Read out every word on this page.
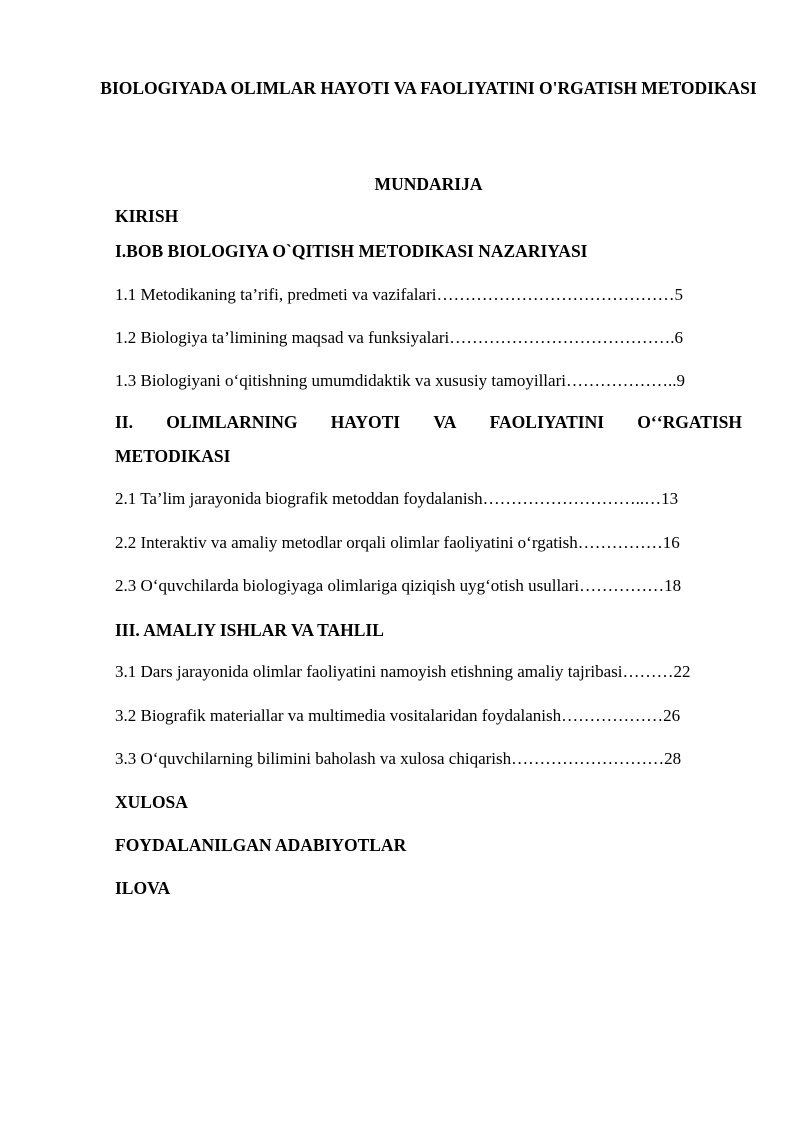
BIOLOGIYADA OLIMLAR HAYOTI VA FAOLIYATINI O'RGATISH METODIKASI
MUNDARIJA
KIRISH
I.BOB BIOLOGIYA O`QITISH METODIKASI NAZARIYASI
1.1 Metodikaning ta’rifi, predmeti va vazifalari……………………………………5
1.2 Biologiya ta’limining maqsad va funksiyalari………………………………….6
1.3 Biologiyani oʻqitishning umumdidaktik va xususiy tamoyillari………………..9
II. OLIMLARNING HAYOTI VA FAOLIYATINI Oʻ‘RGATISH
METODIKASI
2.1 Ta’lim jarayonida biografik metoddan foydalanish………………………..…13
2.2 Interaktiv va amaliy metodlar orqali olimlar faoliyatini oʻrgatish……………16
2.3 Oʻquvchilarda biologiyaga olimlariga qiziqish uygʻotish usullari……………18
III. AMALIY ISHLAR VA TAHLIL
3.1 Dars jarayonida olimlar faoliyatini namoyish etishning amaliy tajribasi………22
3.2 Biografik materiallar va multimedia vositalaridan foydalanish………………26
3.3 Oʻquvchilarning bilimini baholash va xulosa chiqarish………………………28
XULOSA
FOYDALANILGAN ADABIYOTLAR
ILOVA
